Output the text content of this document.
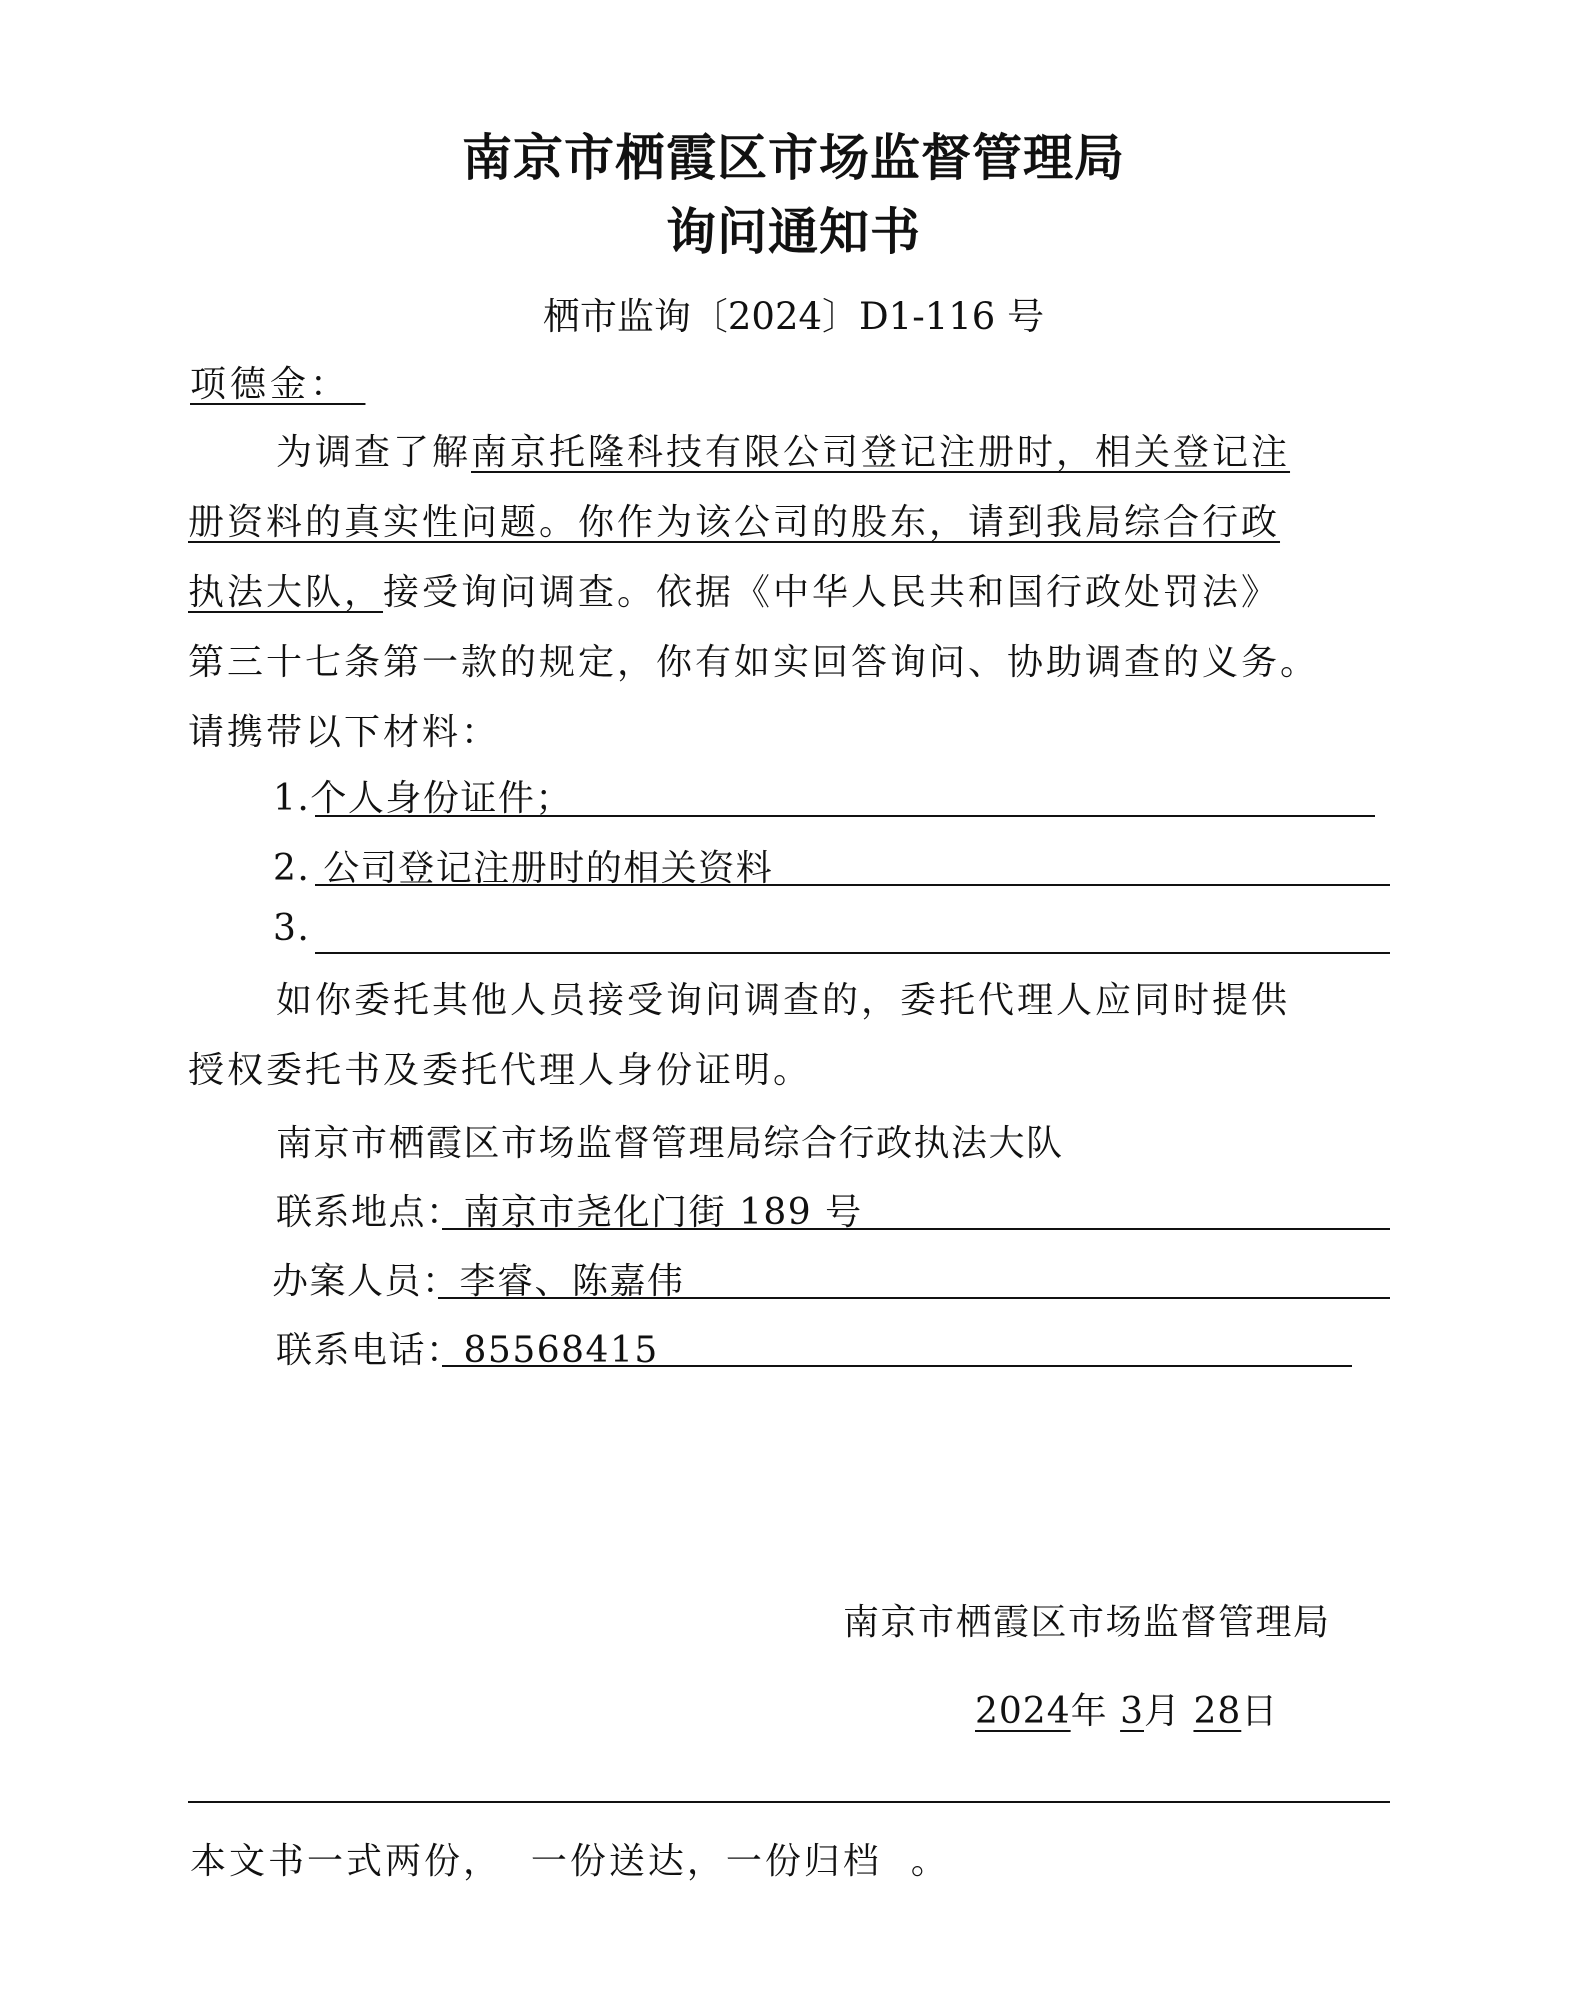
南京市栖霞区市场监督管理局
询问通知书
栖市监询〔2024〕D1-116 号
项德金：
为调查了解南京托隆科技有限公司登记注册时，相关登记注
册资料的真实性问题。你作为该公司的股东，请到我局综合行政
执法大队，接受询问调查。依据《中华人民共和国行政处罚法》
第三十七条第一款的规定，你有如实回答询问、协助调查的义务。
请携带以下材料：
1.个人身份证件；
2. 公司登记注册时的相关资料
3.
如你委托其他人员接受询问调查的，委托代理人应同时提供
授权委托书及委托代理人身份证明。
南京市栖霞区市场监督管理局综合行政执法大队
联系地点：南京市尧化门街 189 号
办案人员：李睿、陈嘉伟
联系电话：85568415
南京市栖霞区市场监督管理局
2024年 3月 28日
本文书一式两份，  一份送达，一份归档  。
